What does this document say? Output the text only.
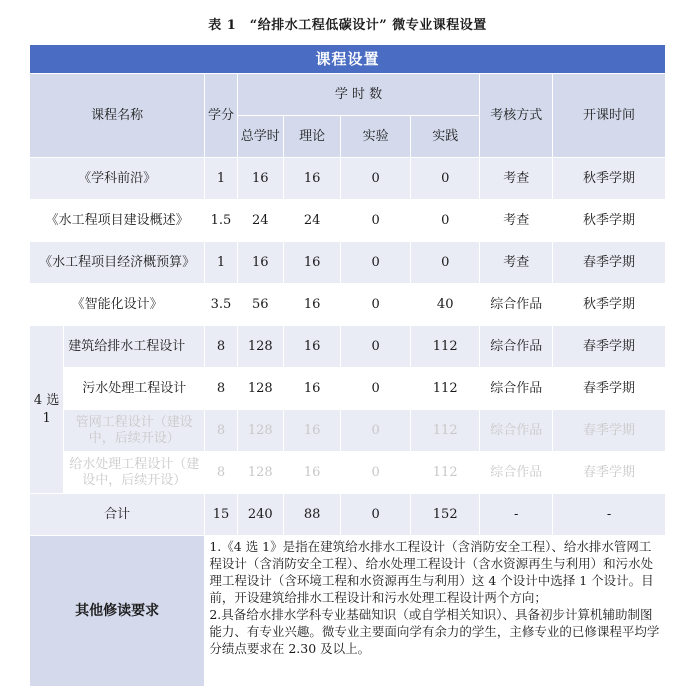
表 1　“给排水工程低碳设计” 微专业课程设置
课程设置								
课程名称		学分	学 时 数				考核方式	开课时间
			总学时	理论	实验	实践		
《学科前沿》		1	16	16	0	0	考查	秋季学期
《水工程项目建设概述》		1.5	24	24	0	0	考查	秋季学期
《水工程项目经济概预算》		1	16	16	0	0	考查	春季学期
《智能化设计》		3.5	56	16	0	40	综合作品	秋季学期
4 选 1	建筑给排水工程设计	8	128	16	0	112	综合作品	春季学期
	污水处理工程设计	8	128	16	0	112	综合作品	春季学期
	管网工程设计（建设中，后续开设）	8	128	16	0	112	综合作品	春季学期
	给水处理工程设计（建设中，后续开设）	8	128	16	0	112	综合作品	春季学期
合计		15	240	88	0	152	-	-
其他修读要求		1.《4 选 1》是指在建筑给水排水工程设计（含消防安全工程）、给水排水管网工程设计（含消防安全工程）、给水处理工程设计（含水资源再生与利用）和污水处理工程设计（含环境工程和水资源再生与利用）这 4 个设计中选择 1 个设计。目前，开设建筑给排水工程设计和污水处理工程设计两个方向；

2.具备给水排水学科专业基础知识（或自学相关知识）、具备初步计算机辅助制图能力、有专业兴趣。微专业主要面向学有余力的学生，主修专业的已修课程平均学分绩点要求在 2.30 及以上。						
